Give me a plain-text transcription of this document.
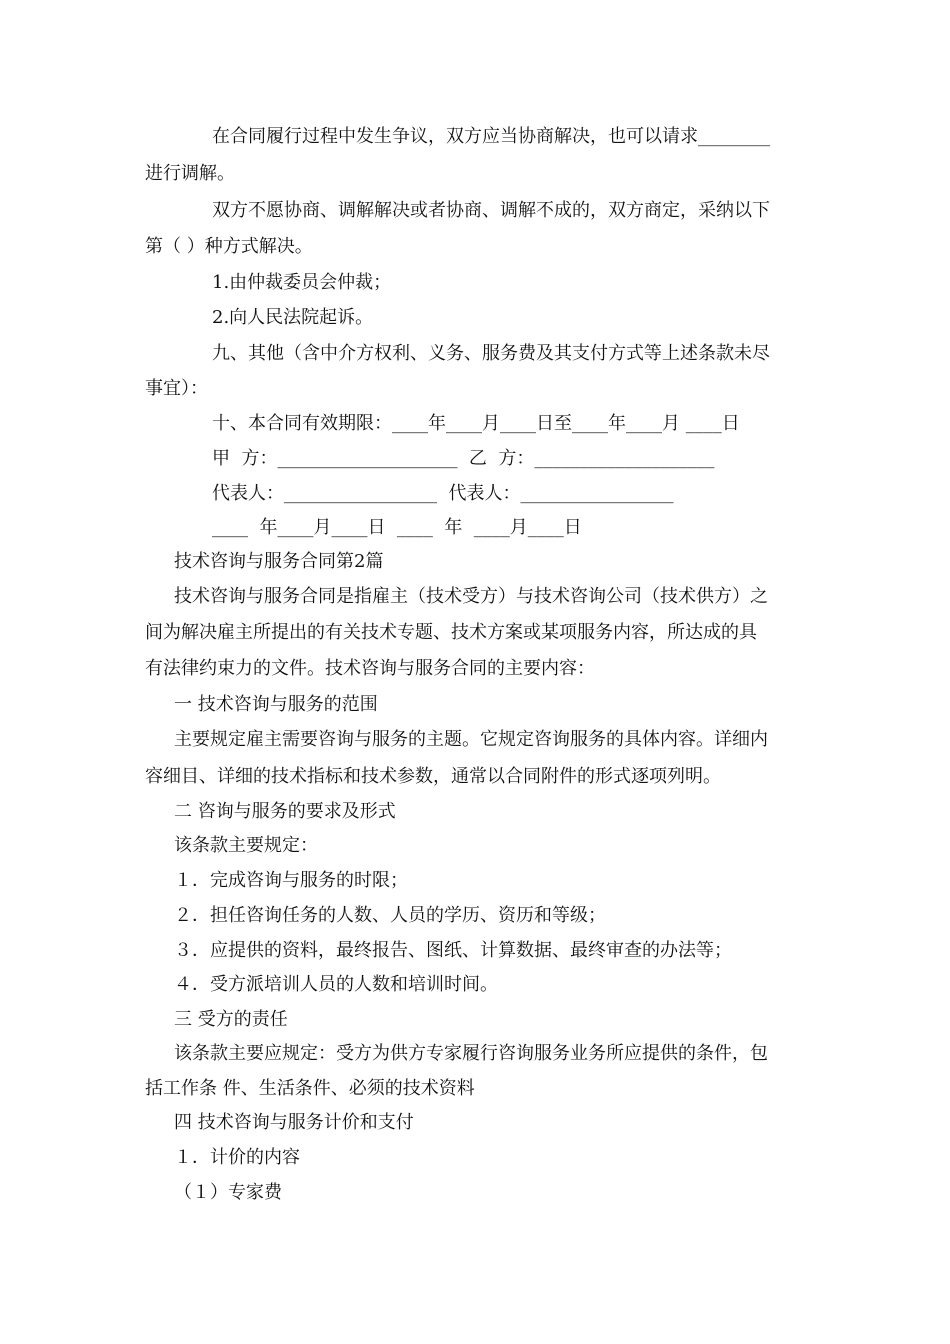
在合同履行过程中发生争议，双方应当协商解决，也可以请求________
进行调解。
双方不愿协商、调解解决或者协商、调解不成的，双方商定，采纳以下
第（ ）种方式解决。
1.由仲裁委员会仲裁；
2.向人民法院起诉。
九、其他（含中介方权利、义务、服务费及其支付方式等上述条款未尽
事宜）：
十、本合同有效期限：____年____月____日至____年____月 ____日
甲  方：____________________  乙  方：____________________
代表人：_________________  代表人：_________________
____  年____月____日  ____  年  ____月____日
技术咨询与服务合同第2篇
技术咨询与服务合同是指雇主（技术受方）与技术咨询公司（技术供方）之
间为解决雇主所提出的有关技术专题、技术方案或某项服务内容，所达成的具
有法律约束力的文件。技术咨询与服务合同的主要内容：
一 技术咨询与服务的范围
主要规定雇主需要咨询与服务的主题。它规定咨询服务的具体内容。详细内
容细目、详细的技术指标和技术参数，通常以合同附件的形式逐项列明。
二 咨询与服务的要求及形式
该条款主要规定：
１．完成咨询与服务的时限；
２．担任咨询任务的人数、人员的学历、资历和等级；
３．应提供的资料，最终报告、图纸、计算数据、最终审查的办法等；
４．受方派培训人员的人数和培训时间。
三 受方的责任
该条款主要应规定：受方为供方专家履行咨询服务业务所应提供的条件，包
括工作条 件、生活条件、必须的技术资料
四 技术咨询与服务计价和支付
１．计价的内容
（１）专家费
